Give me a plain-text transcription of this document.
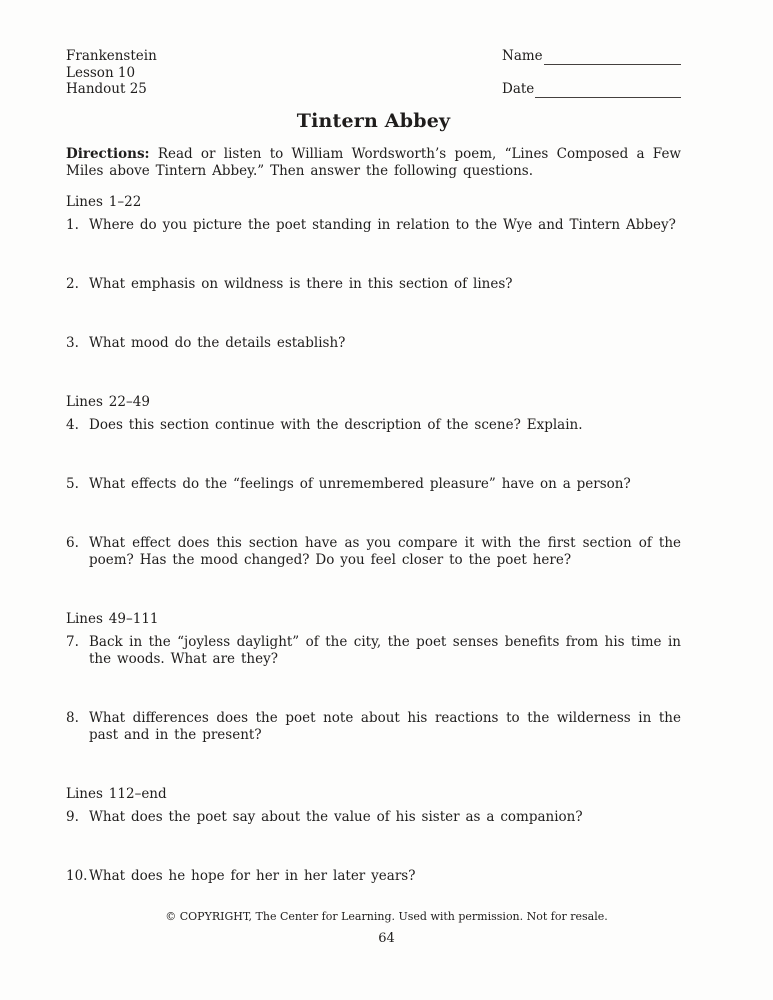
Frankenstein
Lesson 10
Handout 25
Name
Date
Tintern Abbey

Directions: Read or listen to William Wordsworth’s poem, “Lines Composed a Few Miles above Tintern Abbey.” Then answer the following questions.

Lines 1–22
1. Where do you picture the poet standing in relation to the Wye and Tintern Abbey?
2. What emphasis on wildness is there in this section of lines?
3. What mood do the details establish?
Lines 22–49
4. Does this section continue with the description of the scene? Explain.
5. What effects do the “feelings of unremembered pleasure” have on a person?
6. What effect does this section have as you compare it with the first section of the poem? Has the mood changed? Do you feel closer to the poet here?
Lines 49–111
7. Back in the “joyless daylight” of the city, the poet senses benefits from his time in the woods. What are they?
8. What differences does the poet note about his reactions to the wilderness in the past and in the present?
Lines 112–end
9. What does the poet say about the value of his sister as a companion?
10. What does he hope for her in her later years?
© COPYRIGHT, The Center for Learning. Used with permission. Not for resale.
64
